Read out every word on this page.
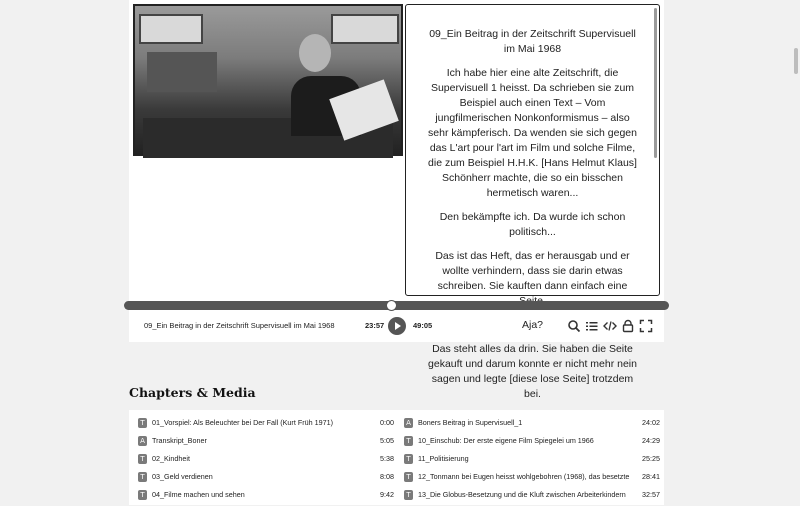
09_Ein Beitrag in der Zeitschrift Supervisuell im Mai 1968

Ich habe hier eine alte Zeitschrift, die Supervisuell 1 heisst. Da schrieben sie zum Beispiel auch einen Text – Vom jungfilmerischen Nonkonformismus – also sehr kämpferisch. Da wenden sie sich gegen das L'art pour l'art im Film und solche Filme, die zum Beispiel H.H.K. [Hans Helmut Klaus] Schönherr machte, die so ein bisschen hermetisch waren...

Den bekämpfte ich. Da wurde ich schon politisch...

Das ist das Heft, das er herausgab und er wollte verhindern, dass sie darin etwas schreiben. Sie kauften dann einfach eine

Aja?

Das steht alles da drin. Sie haben die Seite gekauft und darum konnte er nicht mehr nein sagen und legte [diese lose Seite] trotzdem bei.

09_Ein Beitrag in der Zeitschrift Supervisuell im Mai 1968	23:57	49:05
Chapters & Media
T	01_Vorspiel: Als Beleuchter bei Der Fall (Kurt Früh 1971)	0:00
A Transkript_Boner	5:05
T	02_Kindheit	5:38
T	03_Geld verdienen	8:08
T	04_Filme machen und sehen	9:42
A Boners Beitrag in Supervisuell_1	24:02
T	10_Einschub: Der erste eigene Film Spiegelei um 1966	24:29
T	11_Politisierung	25:25
T	12_Tonmann bei Eugen heisst wohlgebohren (1968), das besetzte 28:41
T	13_Die Globus-Besetzung und die Kluft zwischen Arbeiterkindern 32:57
